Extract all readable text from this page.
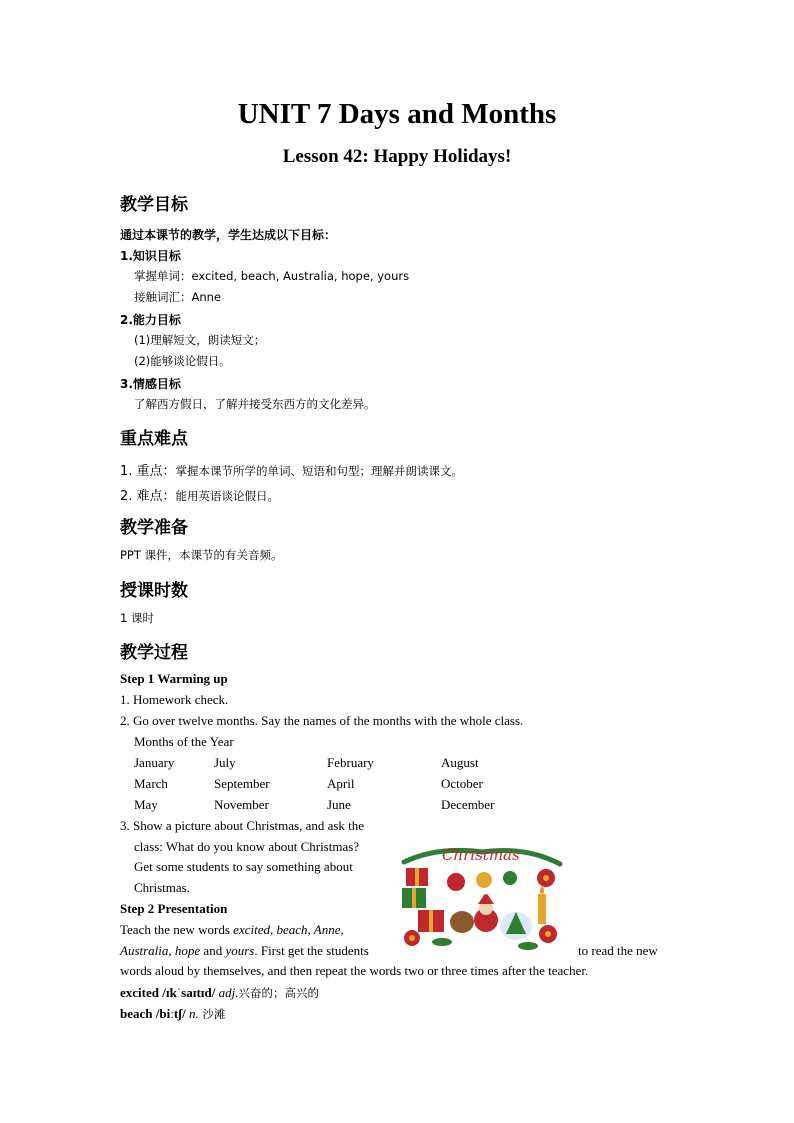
UNIT 7 Days and Months
Lesson 42: Happy Holidays!
教学目标
通过本课节的教学，学生达成以下目标：
1.知识目标
掌握单词：excited, beach, Australia, hope, yours
接触词汇：Anne
2.能力目标
(1)理解短文，朗读短文；
(2)能够谈论假日。
3.情感目标
了解西方假日，了解并接受东西方的文化差异。
重点难点
1. 重点：掌握本课节所学的单词、短语和句型；理解并朗读课文。
2. 难点：能用英语谈论假日。
教学准备
PPT 课件，本课节的有关音频。
授课时数
1 课时
教学过程
Step 1 Warming up
1. Homework check.
2. Go over twelve months. Say the names of the months with the whole class.
Months of the Year
January	July	February	August
March	September	April	October
May	November	June	December
3. Show a picture about Christmas, and ask the
class: What do you know about Christmas?
Get some students to say something about
Christmas.
Step 2 Presentation
Teach the new words excited, beach, Anne,
Australia, hope and yours. First get the students	to read the new
words aloud by themselves, and then repeat the words two or three times after the teacher.
excited /ɪkˈsaɪtɪd/ adj.兴奋的；高兴的
beach /biːtʃ/ n. 沙滩
Christmas
